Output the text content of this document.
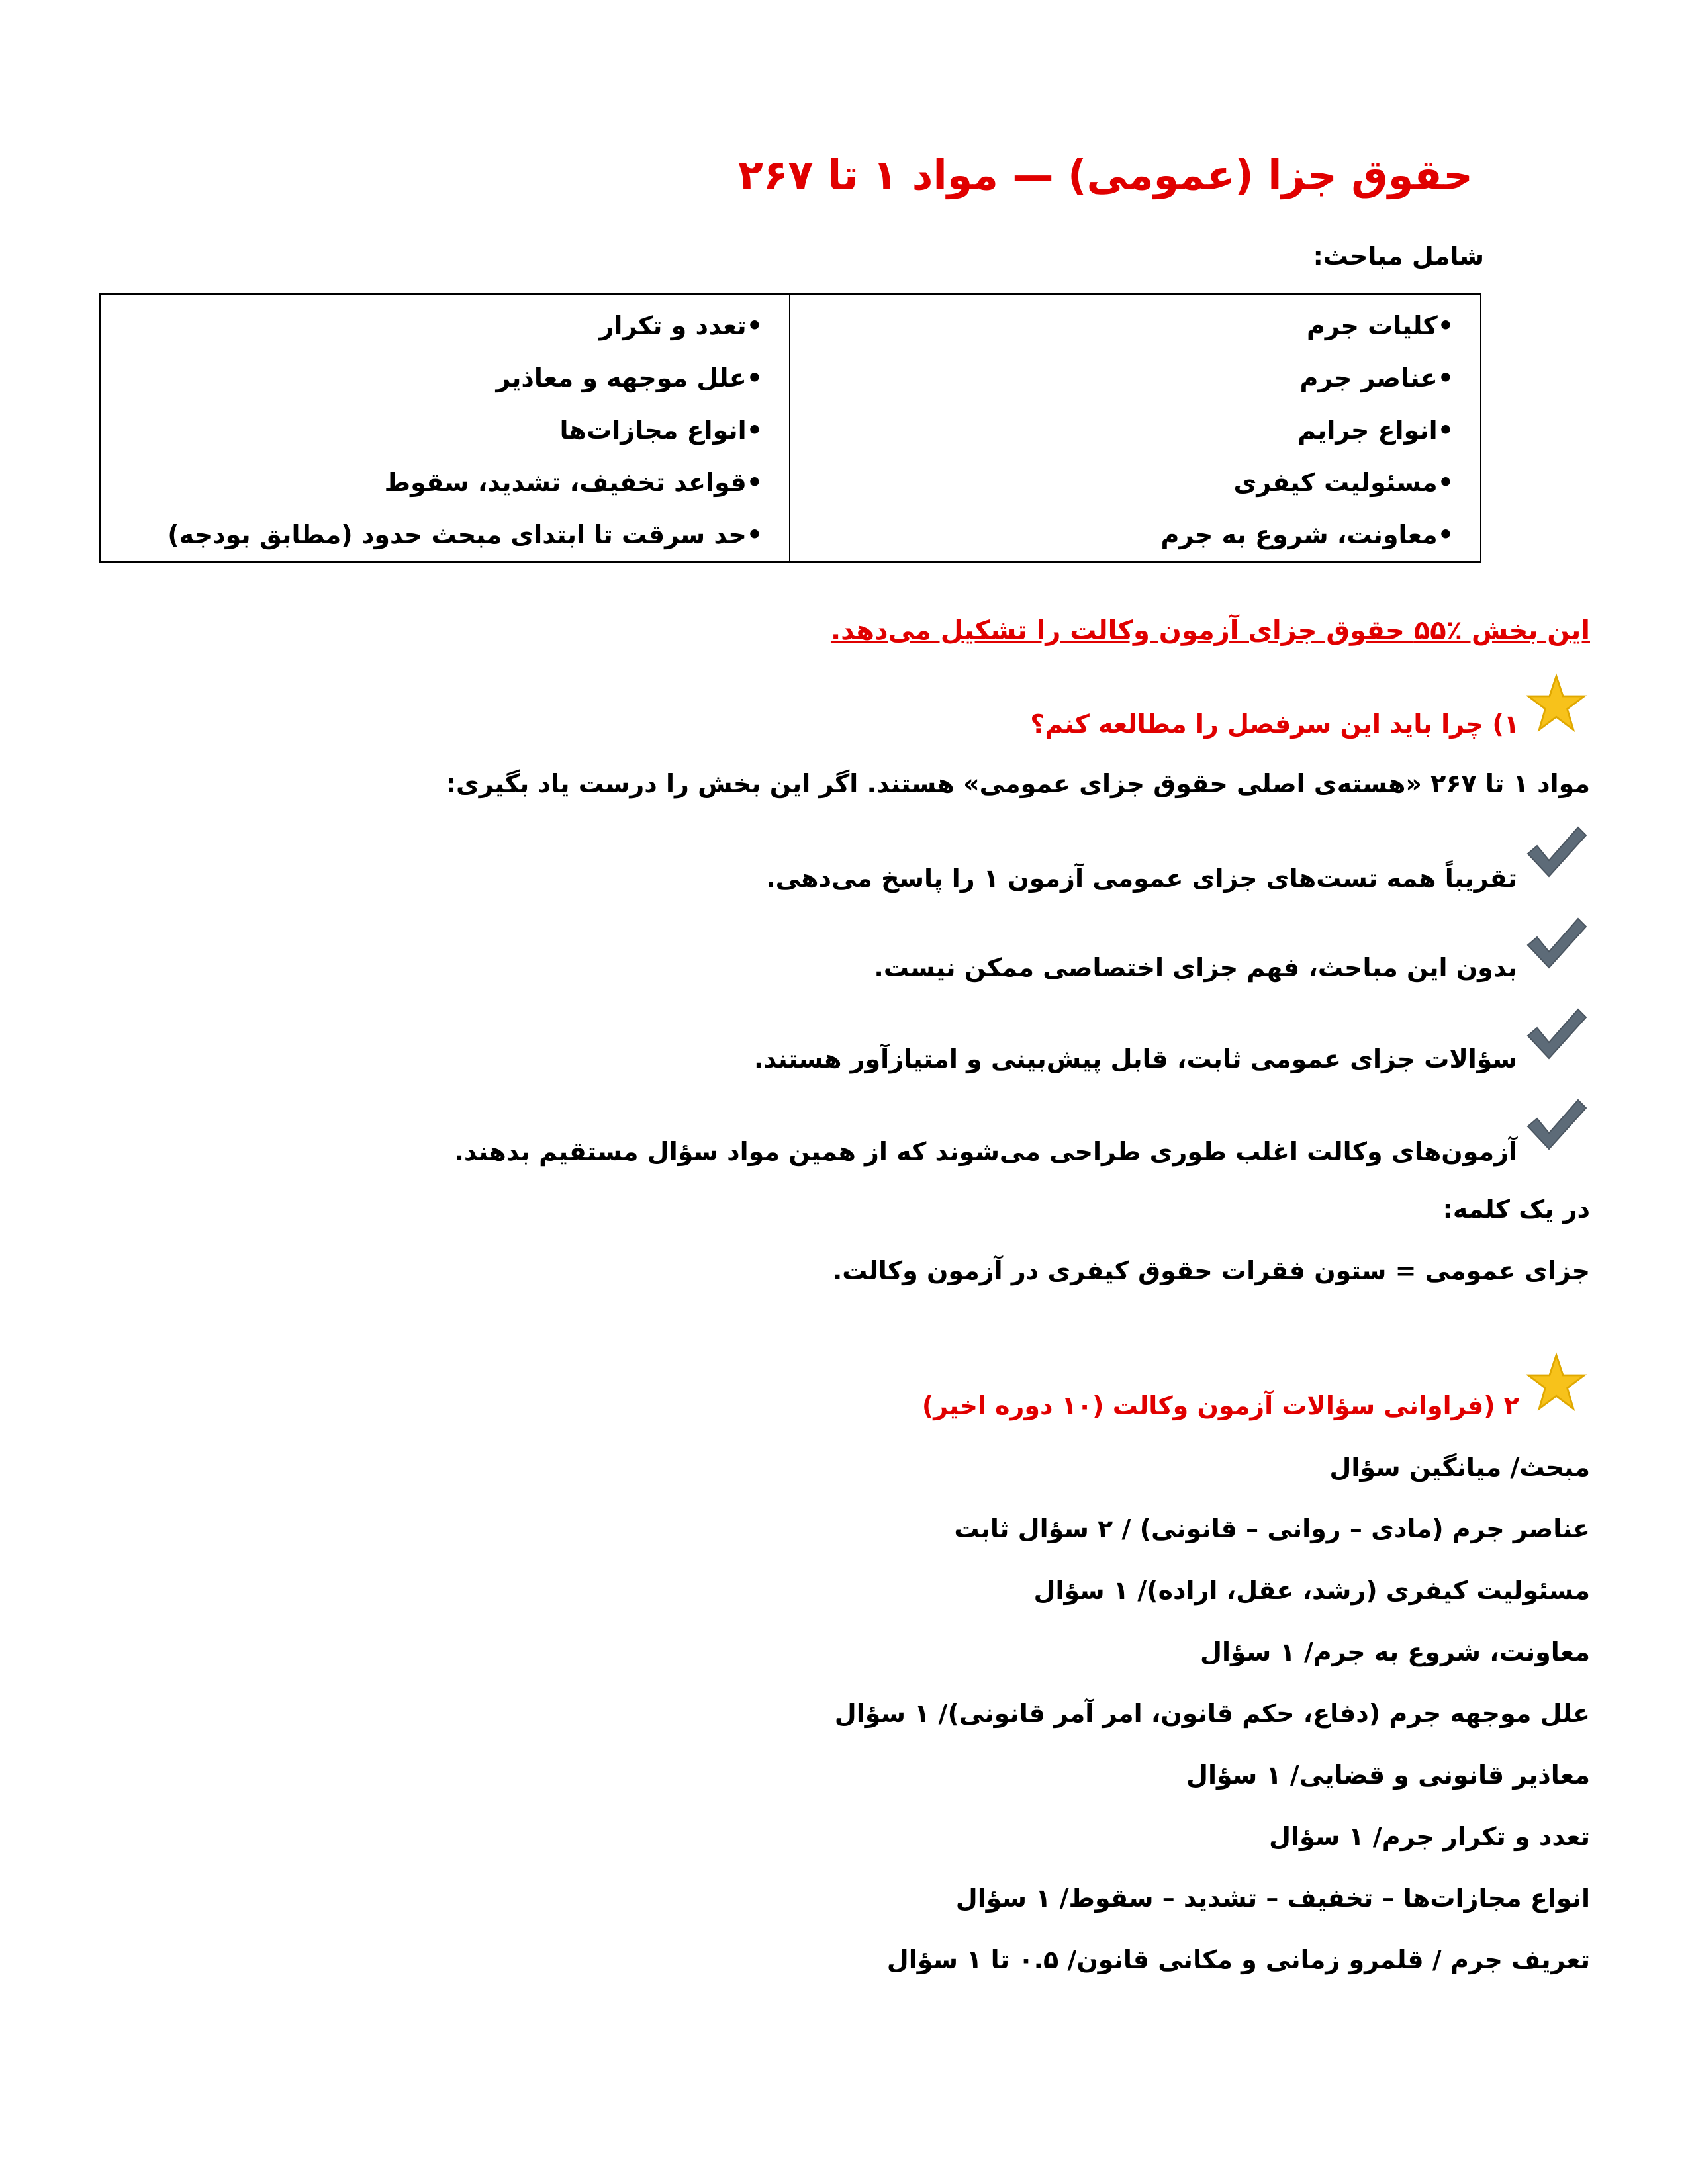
حقوق جزا (عمومی) — مواد ۱ تا ۲۶۷
شامل مباحث:
•کلیات جرم
•عناصر جرم
•انواع جرایم
•مسئولیت کیفری
•معاونت، شروع به جرم
•تعدد و تکرار
•علل موجهه و معاذیر
•انواع مجازات‌ها
•قواعد تخفیف، تشدید، سقوط
•حد سرقت تا ابتدای مبحث حدود (مطابق بودجه)
این بخش ٪۵۵ حقوق جزای آزمون وکالت را تشکیل می‌دهد.
۱) چرا باید این سرفصل را مطالعه کنم؟
مواد ۱ تا ۲۶۷ «هسته‌ی اصلی حقوق جزای عمومی» هستند. اگر این بخش را درست یاد بگیری:
تقریباً همه تست‌های جزای عمومی آزمون ۱ را پاسخ می‌دهی.
بدون این مباحث، فهم جزای اختصاصی ممکن نیست.
سؤالات جزای عمومی ثابت، قابل پیش‌بینی و امتیازآور هستند.
آزمون‌های وکالت اغلب طوری طراحی می‌شوند که از همین مواد سؤال مستقیم بدهند.
در یک کلمه:
جزای عمومی = ستون فقرات حقوق کیفری در آزمون وکالت.
۲ (فراوانی سؤالات آزمون وکالت (۱۰ دوره اخیر)
مبحث/ میانگین سؤال
عناصر جرم (مادی – روانی – قانونی) / ۲ سؤال ثابت
مسئولیت کیفری (رشد، عقل، اراده)/ ۱ سؤال
معاونت، شروع به جرم/ ۱ سؤال
علل موجهه جرم (دفاع، حکم قانون، امر آمر قانونی)/ ۱ سؤال
معاذیر قانونی و قضایی/ ۱ سؤال
تعدد و تکرار جرم/ ۱ سؤال
انواع مجازات‌ها – تخفیف – تشدید – سقوط/ ۱ سؤال
تعریف جرم / قلمرو زمانی و مکانی قانون/ ۰.۵ تا ۱ سؤال
